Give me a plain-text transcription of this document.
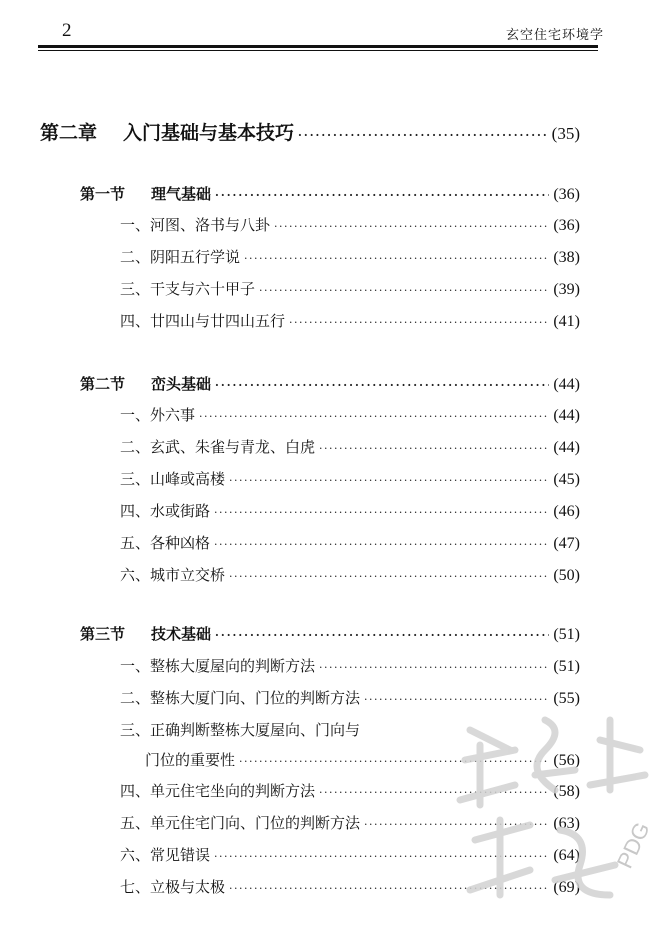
2	玄空住宅环境学
第二章 入门基础与基本技巧 ·····	(35)
第一节 理气基础 ·····	(36)
一、河图、洛书与八卦 ·····	(36)
二、阴阳五行学说 ·····	(38)
三、干支与六十甲子 ·····	(39)
四、廿四山与廿四山五行 ·····	(41)
第二节 峦头基础 ·····	(44)
一、外六事 ·····	(44)
二、玄武、朱雀与青龙、白虎 ·····	(44)
三、山峰或高楼 ·····	(45)
四、水或街路 ·····	(46)
五、各种凶格 ·····	(47)
六、城市立交桥 ·····	(50)
第三节 技术基础 ·····	(51)
一、整栋大厦屋向的判断方法 ·····	(51)
二、整栋大厦门向、门位的判断方法 ·····	(55)
三、正确判断整栋大厦屋向、门向与
门位的重要性 ·····	(56)
四、单元住宅坐向的判断方法 ·····	(58)
五、单元住宅门向、门位的判断方法 ·····	(63)
六、常见错误 ·····	(64)
七、立极与太极 ·····	(69)
PDG
